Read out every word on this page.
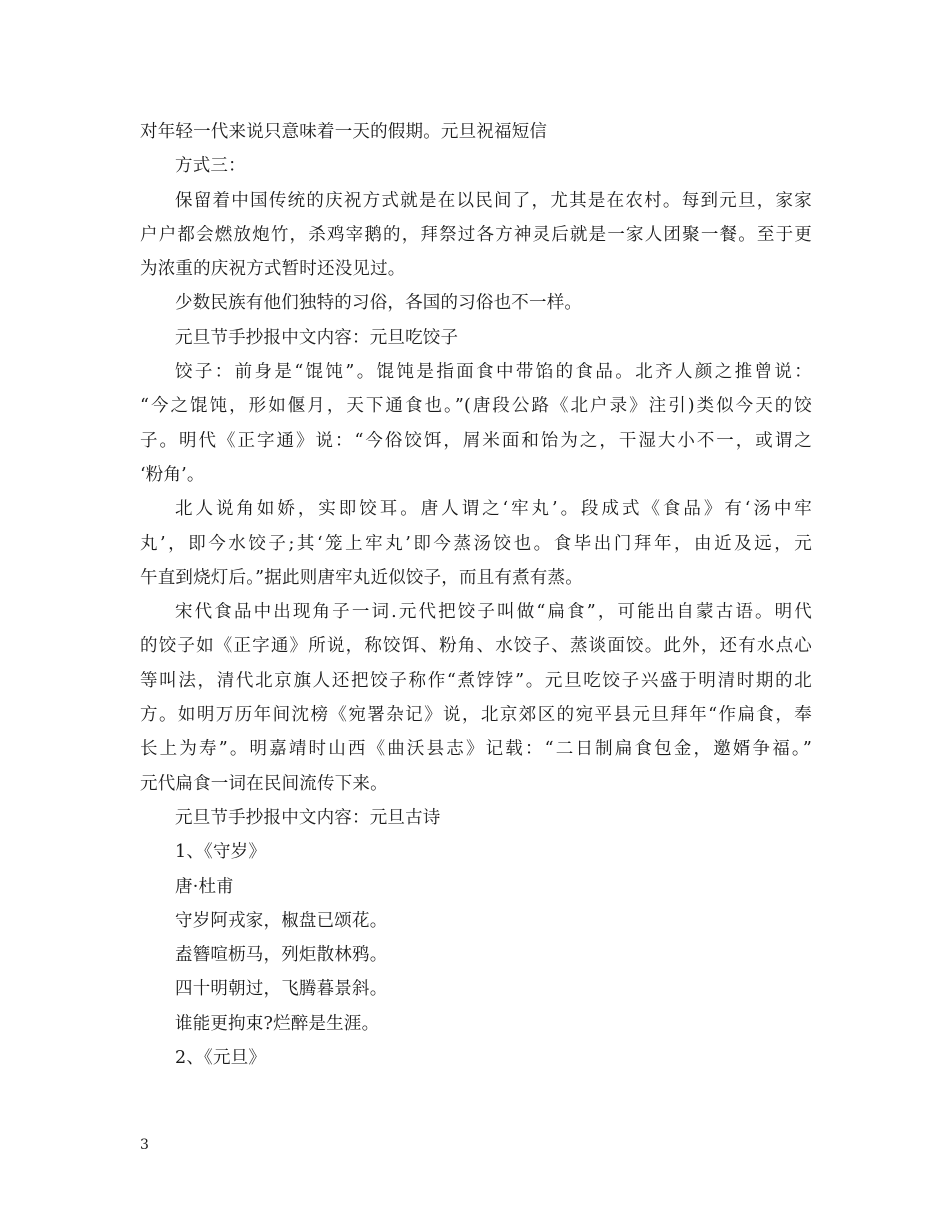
对年轻一代来说只意味着一天的假期。元旦祝福短信
方式三：
保留着中国传统的庆祝方式就是在以民间了，尤其是在农村。每到元旦，家家
户户都会燃放炮竹，杀鸡宰鹅的，拜祭过各方神灵后就是一家人团聚一餐。至于更
为浓重的庆祝方式暂时还没见过。
少数民族有他们独特的习俗，各国的习俗也不一样。
元旦节手抄报中文内容：元旦吃饺子
饺子：前身是“馄饨”。馄饨是指面食中带馅的食品。北齐人颜之推曾说：
“今之馄饨，形如偃月，天下通食也。”(唐段公路《北户录》注引)类似今天的饺
子。明代《正字通》说：“今俗饺饵，屑米面和饴为之，干湿大小不一，或谓之
‘粉角’。
北人说角如娇，实即饺耳。唐人谓之‘牢丸’。段成式《食品》有‘汤中牢
丸’，即今水饺子;其‘笼上牢丸’即今蒸汤饺也。食毕出门拜年，由近及远，元
午直到烧灯后。”据此则唐牢丸近似饺子，而且有煮有蒸。
宋代食品中出现角子一词.元代把饺子叫做“扁食”，可能出自蒙古语。明代
的饺子如《正字通》所说，称饺饵、粉角、水饺子、蒸谈面饺。此外，还有水点心
等叫法，清代北京旗人还把饺子称作“煮饽饽”。元旦吃饺子兴盛于明清时期的北
方。如明万历年间沈榜《宛署杂记》说，北京郊区的宛平县元旦拜年“作扁食，奉
长上为寿”。明嘉靖时山西《曲沃县志》记载：“二日制扁食包金，邀婿争福。”
元代扁食一词在民间流传下来。
元旦节手抄报中文内容：元旦古诗
1、《守岁》
唐·杜甫
守岁阿戎家，椒盘已颂花。
盍簪喧枥马，列炬散林鸦。
四十明朝过，飞腾暮景斜。
谁能更拘束?烂醉是生涯。
2、《元旦》
3
